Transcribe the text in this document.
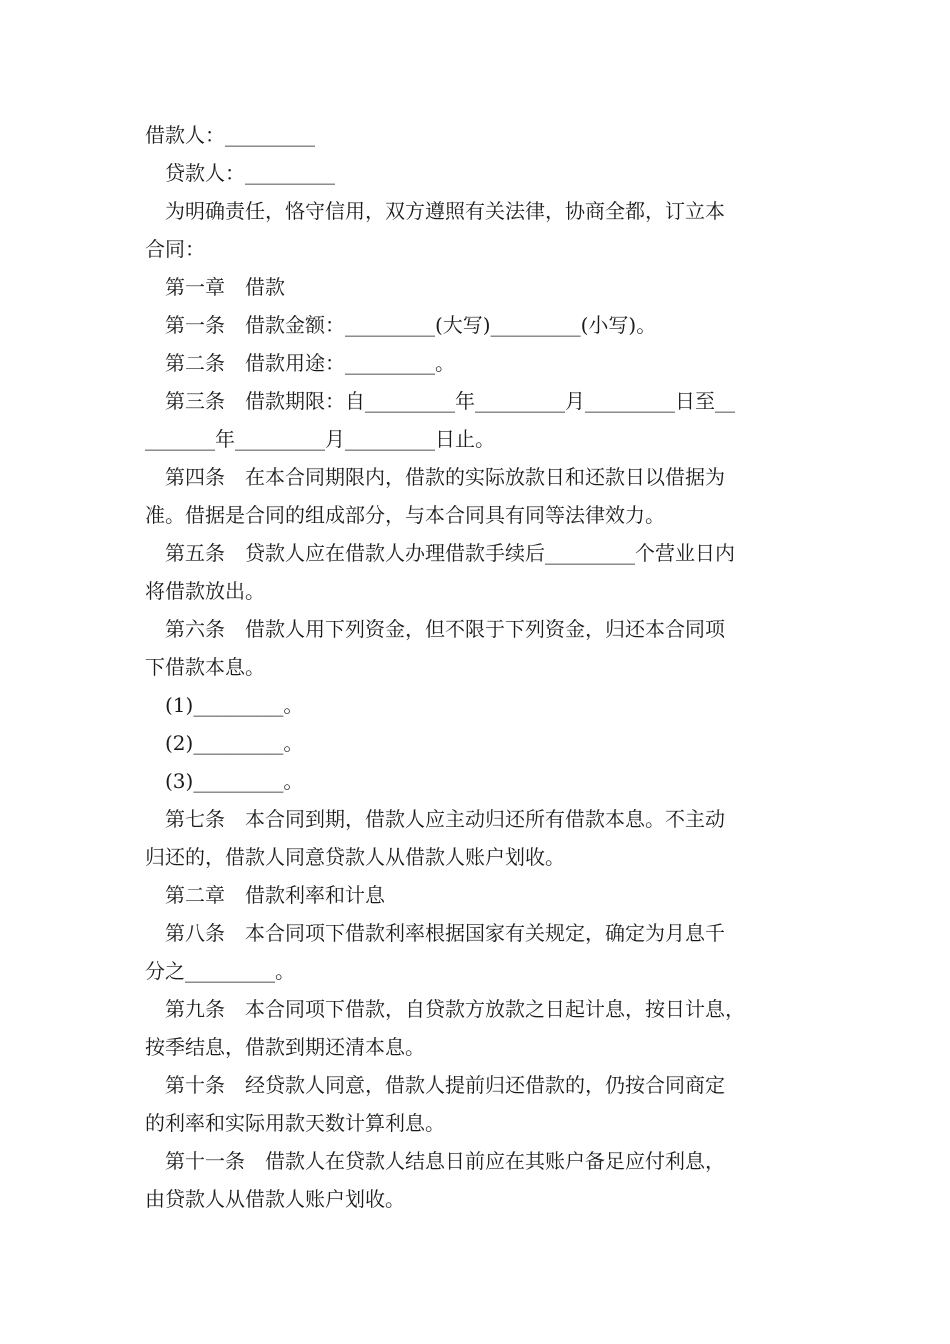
借款人：_________
贷款人：_________
为明确责任，恪守信用，双方遵照有关法律，协商全都，订立本
合同：
第一章　借款
第一条　借款金额：_________(大写)_________(小写)。
第二条　借款用途：_________。
第三条　借款期限：自_________年_________月_________日至__
_______年_________月_________日止。
第四条　在本合同期限内，借款的实际放款日和还款日以借据为
准。借据是合同的组成部分，与本合同具有同等法律效力。
第五条　贷款人应在借款人办理借款手续后_________个营业日内
将借款放出。
第六条　借款人用下列资金，但不限于下列资金，归还本合同项
下借款本息。
(1)_________。
(2)_________。
(3)_________。
第七条　本合同到期，借款人应主动归还所有借款本息。不主动
归还的，借款人同意贷款人从借款人账户划收。
第二章　借款利率和计息
第八条　本合同项下借款利率根据国家有关规定，确定为月息千
分之_________。
第九条　本合同项下借款，自贷款方放款之日起计息，按日计息，
按季结息，借款到期还清本息。
第十条　经贷款人同意，借款人提前归还借款的，仍按合同商定
的利率和实际用款天数计算利息。
第十一条　借款人在贷款人结息日前应在其账户备足应付利息，
由贷款人从借款人账户划收。
